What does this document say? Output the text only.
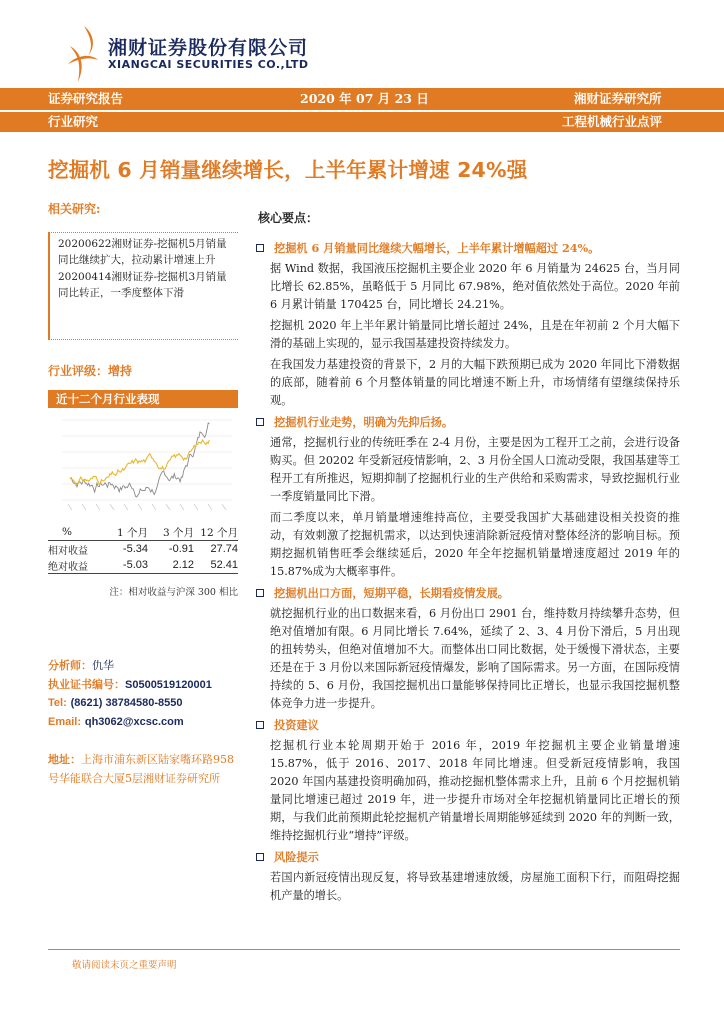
湘财证券股份有限公司
XIANGCAI SECURITIES CO.,LTD
证券研究报告	2020 年 07 月 23 日	湘财证券研究所
行业研究	工程机械行业点评
挖掘机 6 月销量继续增长，上半年累计增速 24%强
相关研究:

20200622湘财证券-挖掘机5月销量同比继续扩大，拉动累计增速上升

20200414湘财证券-挖掘机3月销量同比转正，一季度整体下滑

行业评级：增持
近十二个月行业表现
%	1 个月	3 个月	12 个月
相对收益	-5.34	-0.91	27.74
绝对收益	-5.03	2.12	52.41
注：相对收益与沪深 300 相比
分析师：仇华
执业证书编号：S0500519120001
Tel: (8621) 38784580-8550
Email: qh3062@xcsc.com
地址：上海市浦东新区陆家嘴环路958号华能联合大厦5层湘财证券研究所
核心要点：
挖掘机 6 月销量同比继续大幅增长，上半年累计增幅超过 24%。

据 Wind 数据，我国液压挖掘机主要企业 2020 年 6 月销量为 24625 台，当月同比增长 62.85%，虽略低于 5 月同比 67.98%，绝对值依然处于高位。2020 年前 6 月累计销量 170425 台，同比增长 24.21%。

挖掘机 2020 年上半年累计销量同比增长超过 24%，且是在年初前 2 个月大幅下滑的基础上实现的，显示我国基建投资持续发力。

在我国发力基建投资的背景下，2 月的大幅下跌预期已成为 2020 年同比下滑数据的底部，随着前 6 个月整体销量的同比增速不断上升，市场情绪有望继续保持乐观。

挖掘机行业走势，明确为先抑后扬。

通常，挖掘机行业的传统旺季在 2-4 月份，主要是因为工程开工之前，会进行设备购买。但 20202 年受新冠疫情影响，2、3 月份全国人口流动受限，我国基建等工程开工有所推迟，短期抑制了挖掘机行业的生产供给和采购需求，导致挖掘机行业一季度销量同比下滑。

而二季度以来，单月销量增速维持高位，主要受我国扩大基础建设相关投资的推动，有效刺激了挖掘机需求，以达到快速消除新冠疫情对整体经济的影响目标。预期挖掘机销售旺季会继续延后，2020 年全年挖掘机销量增速度超过 2019 年的 15.87%成为大概率事件。

挖掘机出口方面，短期平稳，长期看疫情发展。

就挖掘机行业的出口数据来看，6 月份出口 2901 台，维持数月持续攀升态势，但绝对值增加有限。6 月同比增长 7.64%，延续了 2、3、4 月份下滑后，5 月出现的扭转势头，但绝对值增加不大。而整体出口同比数据，处于缓慢下滑状态，主要还是在于 3 月份以来国际新冠疫情爆发，影响了国际需求。另一方面，在国际疫情持续的 5、6 月份，我国挖掘机出口量能够保持同比正增长，也显示我国挖掘机整体竞争力进一步提升。

投资建议

挖掘机行业本轮周期开始于 2016 年，2019 年挖掘机主要企业销量增速 15.87%，低于 2016、2017、2018 年同比增速。但受新冠疫情影响，我国 2020 年国内基建投资明确加码，推动挖掘机整体需求上升，且前 6 个月挖掘机销量同比增速已超过 2019 年，进一步提升市场对全年挖掘机销量同比正增长的预期，与我们此前预期此轮挖掘机产销量增长周期能够延续到 2020 年的判断一致，维持挖掘机行业“增持”评级。

风险提示

若国内新冠疫情出现反复，将导致基建增速放缓，房屋施工面积下行，而阻碍挖掘机产量的增长。

敬请阅读末页之重要声明
